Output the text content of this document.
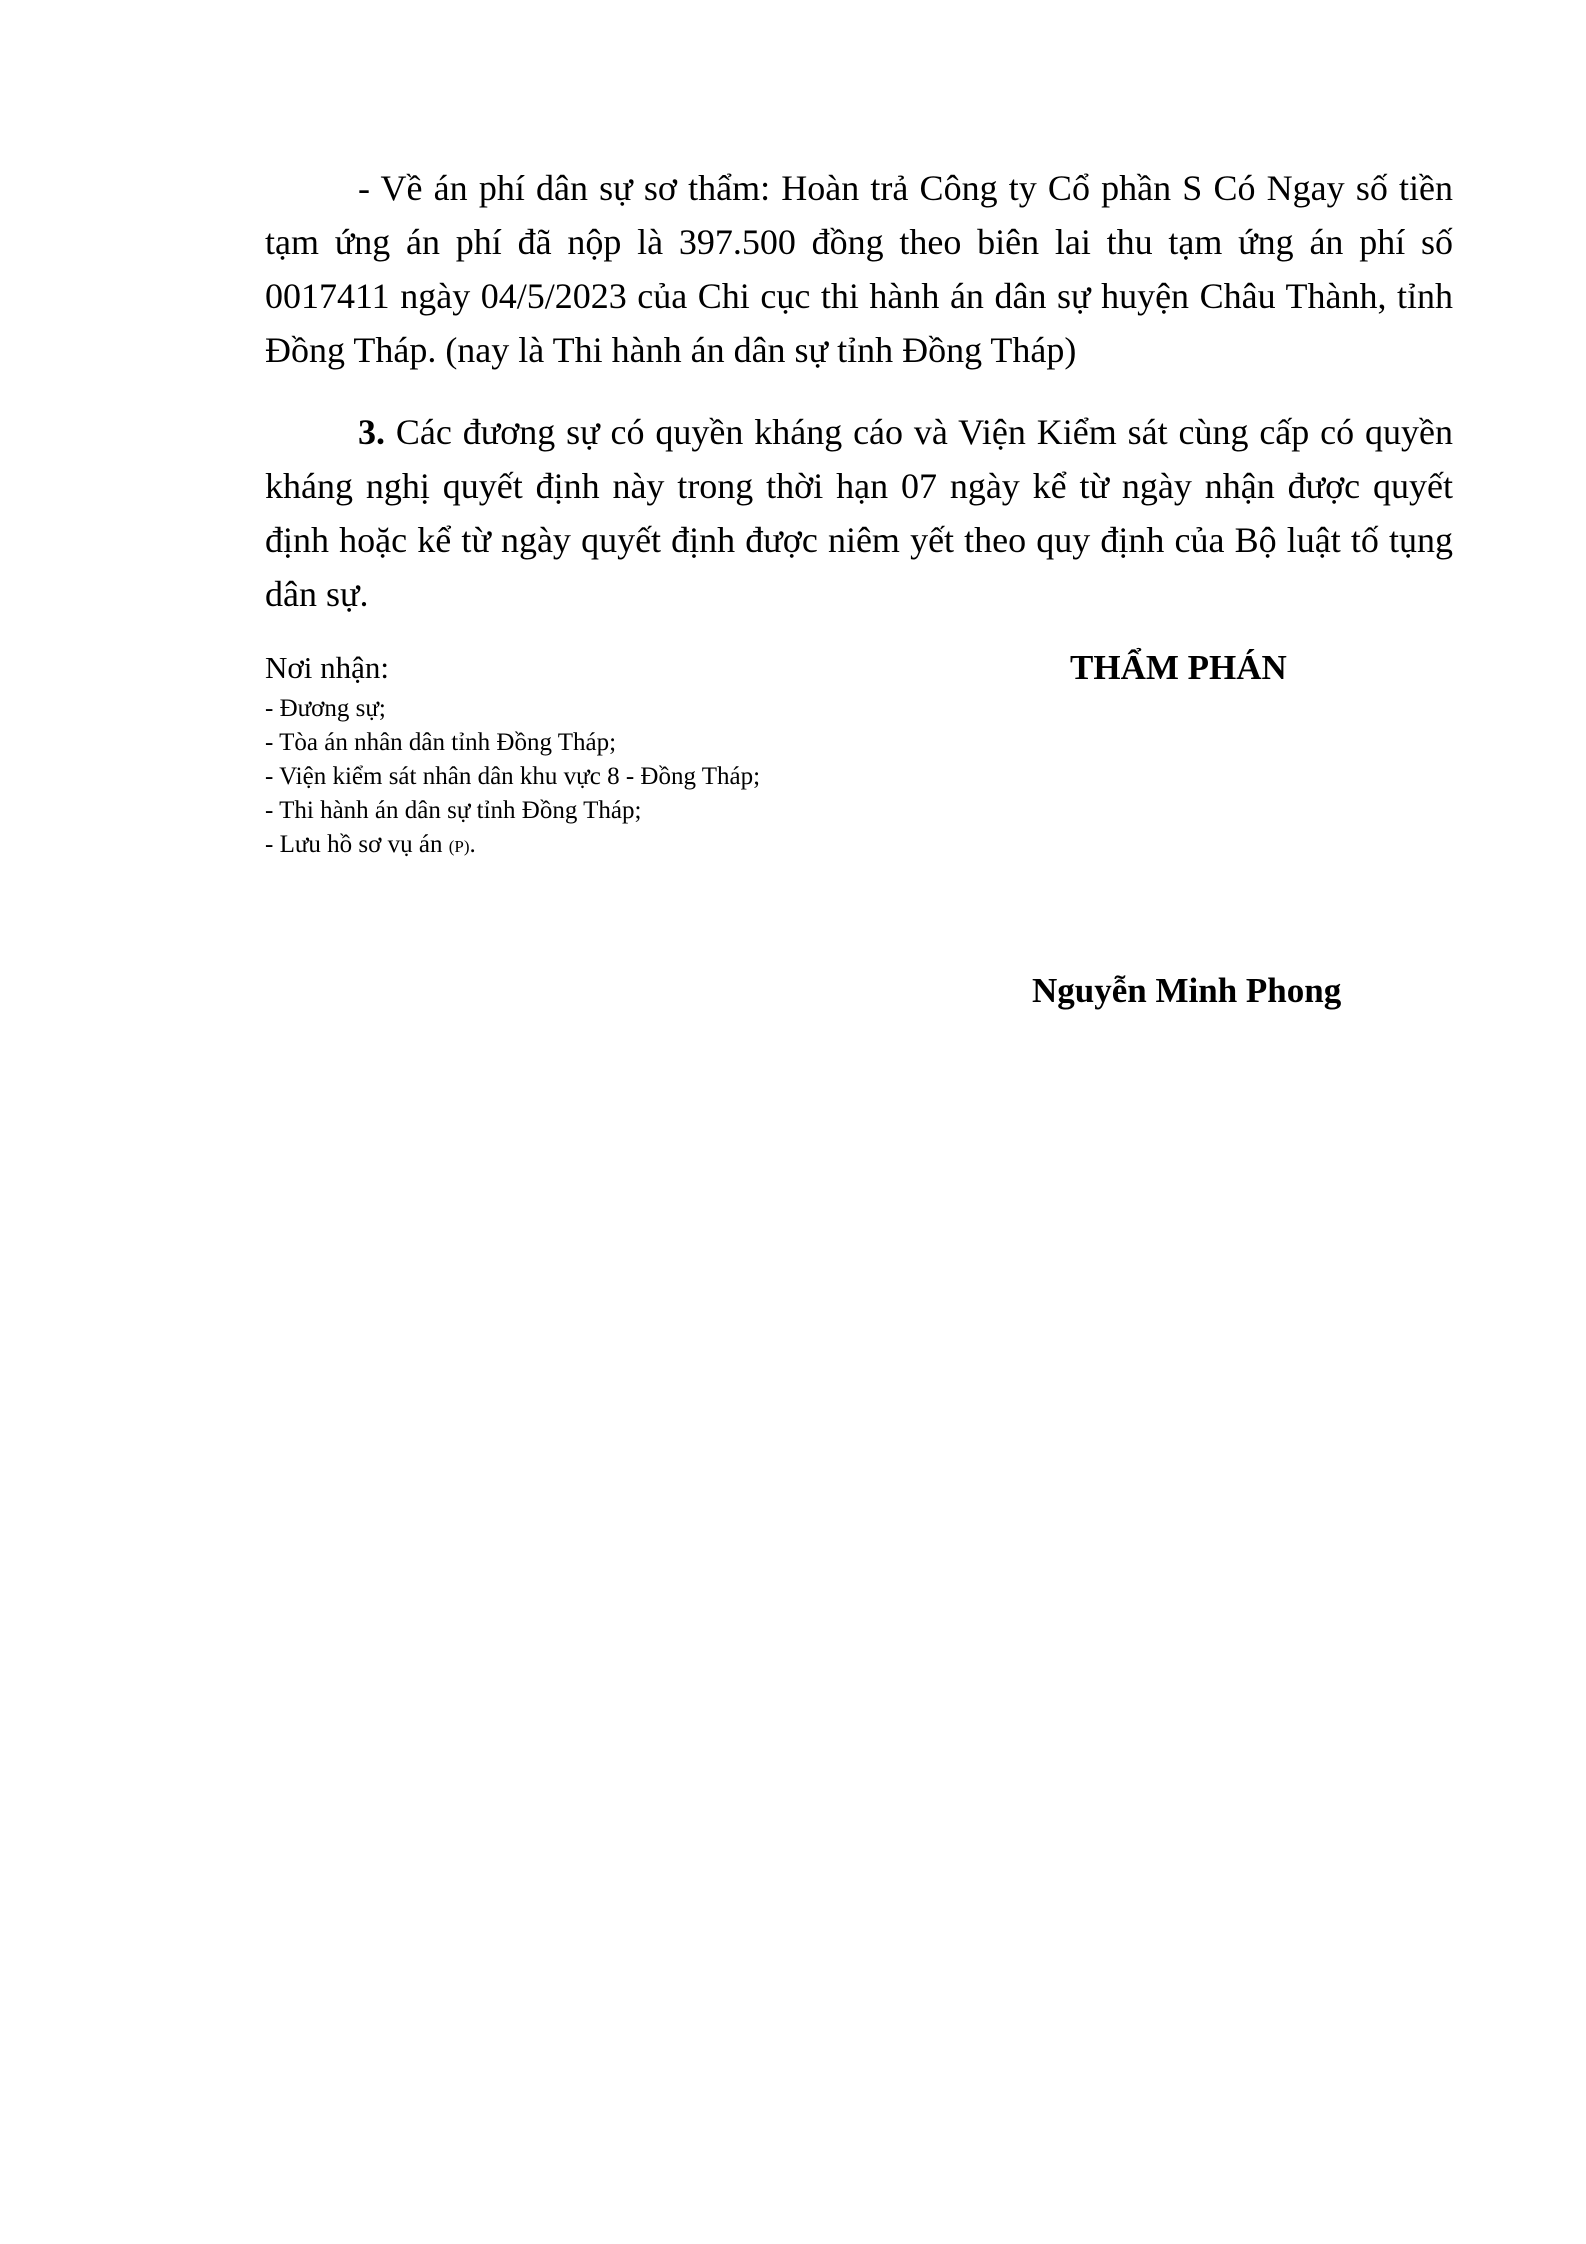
- Về án phí dân sự sơ thẩm: Hoàn trả Công ty Cổ phần S Có Ngay số tiền tạm ứng án phí đã nộp là 397.500 đồng theo biên lai thu tạm ứng án phí số 0017411 ngày 04/5/2023 của Chi cục thi hành án dân sự huyện Châu Thành, tỉnh Đồng Tháp. (nay là Thi hành án dân sự tỉnh Đồng Tháp)

3. Các đương sự có quyền kháng cáo và Viện Kiểm sát cùng cấp có quyền kháng nghị quyết định này trong thời hạn 07 ngày kể từ ngày nhận được quyết định hoặc kể từ ngày quyết định được niêm yết theo quy định của Bộ luật tố tụng dân sự.

Nơi nhận:

- Đương sự;
- Tòa án nhân dân tỉnh Đồng Tháp;
- Viện kiểm sát nhân dân khu vực 8 - Đồng Tháp;
- Thi hành án dân sự tỉnh Đồng Tháp;
- Lưu hồ sơ vụ án (P).

THẨM PHÁN

Nguyễn Minh Phong
